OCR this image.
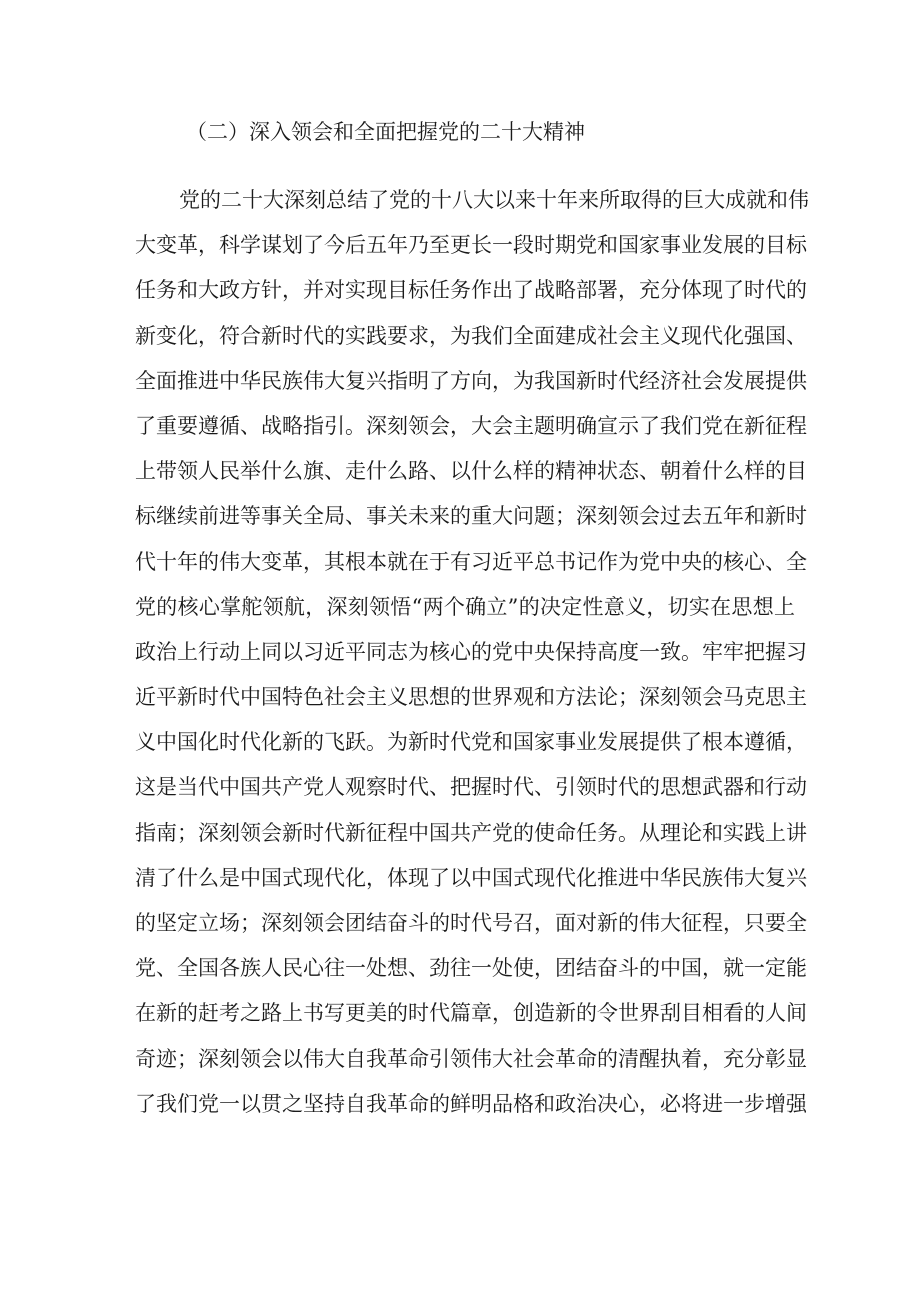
（二）深入领会和全面把握党的二十大精神
党的二十大深刻总结了党的十八大以来十年来所取得的巨大成就和伟
大变革，科学谋划了今后五年乃至更长一段时期党和国家事业发展的目标
任务和大政方针，并对实现目标任务作出了战略部署，充分体现了时代的
新变化，符合新时代的实践要求，为我们全面建成社会主义现代化强国、
全面推进中华民族伟大复兴指明了方向，为我国新时代经济社会发展提供
了重要遵循、战略指引。深刻领会，大会主题明确宣示了我们党在新征程
上带领人民举什么旗、走什么路、以什么样的精神状态、朝着什么样的目
标继续前进等事关全局、事关未来的重大问题；深刻领会过去五年和新时
代十年的伟大变革，其根本就在于有习近平总书记作为党中央的核心、全
党的核心掌舵领航，深刻领悟“两个确立”的决定性意义，切实在思想上
政治上行动上同以习近平同志为核心的党中央保持高度一致。牢牢把握习
近平新时代中国特色社会主义思想的世界观和方法论；深刻领会马克思主
义中国化时代化新的飞跃。为新时代党和国家事业发展提供了根本遵循，
这是当代中国共产党人观察时代、把握时代、引领时代的思想武器和行动
指南；深刻领会新时代新征程中国共产党的使命任务。从理论和实践上讲
清了什么是中国式现代化，体现了以中国式现代化推进中华民族伟大复兴
的坚定立场；深刻领会团结奋斗的时代号召，面对新的伟大征程，只要全
党、全国各族人民心往一处想、劲往一处使，团结奋斗的中国，就一定能
在新的赶考之路上书写更美的时代篇章，创造新的令世界刮目相看的人间
奇迹；深刻领会以伟大自我革命引领伟大社会革命的清醒执着，充分彰显
了我们党一以贯之坚持自我革命的鲜明品格和政治决心，必将进一步增强
